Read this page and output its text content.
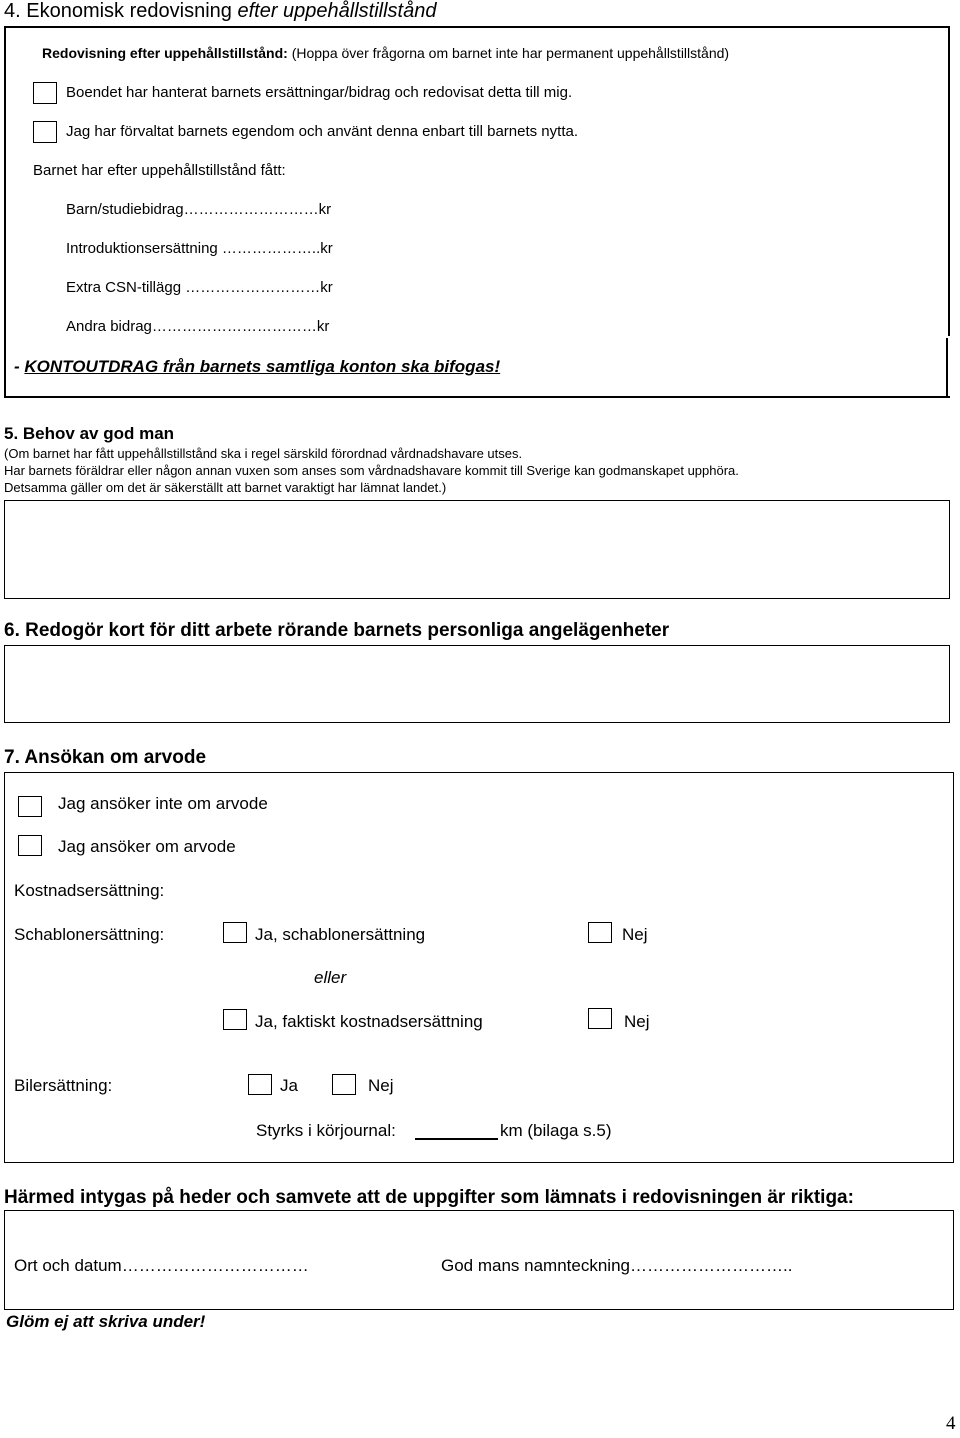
4. Ekonomisk redovisning efter uppehållstillstånd
Redovisning efter uppehållstillstånd: (Hoppa över frågorna om barnet inte har permanent uppehållstillstånd)
Boendet har hanterat barnets ersättningar/bidrag och redovisat detta till mig.
Jag har förvaltat barnets egendom och använt denna enbart till barnets nytta.
Barnet har efter uppehållstillstånd fått:
Barn/studiebidrag………………………kr
Introduktionsersättning ………………..kr
Extra CSN-tillägg ………………………kr
Andra bidrag……………………………kr
- KONTOUTDRAG från barnets samtliga konton ska bifogas!
5. Behov av god man
(Om barnet har fått uppehållstillstånd ska i regel särskild förordnad vårdnadshavare utses.
Har barnets föräldrar eller någon annan vuxen som anses som vårdnadshavare kommit till Sverige kan godmanskapet upphöra.
Detsamma gäller om det är säkerställt att barnet varaktigt har lämnat landet.)
6. Redogör kort för ditt arbete rörande barnets personliga angelägenheter
7. Ansökan om arvode
Jag ansöker inte om arvode
Jag ansöker om arvode
Kostnadsersättning:
Schablonersättning:	Ja, schablonersättning	Nej
eller
Ja, faktiskt kostnadsersättning	Nej
Bilersättning:	Ja	Nej
Styrks i körjournal:	km (bilaga s.5)
Härmed intygas på heder och samvete att de uppgifter som lämnats i redovisningen är riktiga:
Ort och datum……………………………	God mans namnteckning………………………..
Glöm ej att skriva under!
4
